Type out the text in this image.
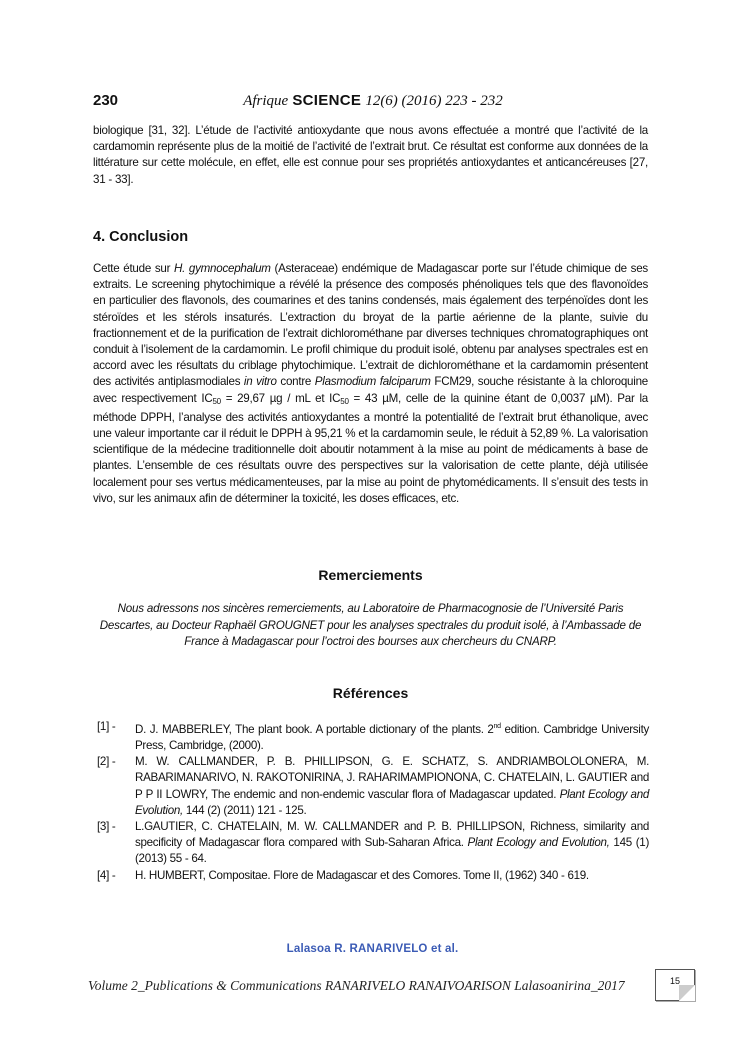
230	Afrique SCIENCE 12(6) (2016) 223 - 232

biologique [31, 32]. L’étude de l’activité antioxydante que nous avons effectuée a montré que l’activité de la cardamomin représente plus de la moitié de l’activité de l’extrait brut. Ce résultat est conforme aux données de la littérature sur cette molécule, en effet, elle est connue pour ses propriétés antioxydantes et anticancéreuses [27, 31 - 33].

4. Conclusion

Cette étude sur H. gymnocephalum (Asteraceae) endémique de Madagascar porte sur l’étude chimique de ses extraits. Le screening phytochimique a révélé la présence des composés phénoliques tels que des flavonoïdes en particulier des flavonols, des coumarines et des tanins condensés, mais également des terpénoïdes dont les stéroïdes et les stérols insaturés. L’extraction du broyat de la partie aérienne de la plante, suivie du fractionnement et de la purification de l’extrait dichlorométhane par diverses techniques chromatographiques ont conduit à l’isolement de la cardamomin. Le profil chimique du produit isolé, obtenu par analyses spectrales est en accord avec les résultats du criblage phytochimique. L’extrait de dichlorométhane et la cardamomin présentent des activités antiplasmodiales in vitro contre Plasmodium falciparum FCM29, souche résistante à la chloroquine avec respectivement $IC_{50} = 29,67$ µg / mL et $IC_{50} = 43$ µM, celle de la quinine étant de 0,0037 µM). Par la méthode DPPH, l’analyse des activités antioxydantes a montré la potentialité de l’extrait brut éthanolique, avec une valeur importante car il réduit le DPPH à 95,21 % et la cardamomin seule, le réduit à 52,89 %. La valorisation scientifique de la médecine traditionnelle doit aboutir notamment à la mise au point de médicaments à base de plantes. L’ensemble de ces résultats ouvre des perspectives sur la valorisation de cette plante, déjà utilisée localement pour ses vertus médicamenteuses, par la mise au point de phytomédicaments. Il s’ensuit des tests in vivo, sur les animaux afin de déterminer la toxicité, les doses efficaces, etc.

Remerciements

Nous adressons nos sincères remerciements, au Laboratoire de Pharmacognosie de l’Université Paris Descartes, au Docteur Raphaël GROUGNET pour les analyses spectrales du produit isolé, à l’Ambassade de France à Madagascar pour l’octroi des bourses aux chercheurs du CNARP.

Références
[1] -	D. J. MABBERLEY, The plant book. A portable dictionary of the plants. 2nd edition. Cambridge University Press, Cambridge, (2000).
[2] -	M. W. CALLMANDER, P. B. PHILLIPSON, G. E. SCHATZ, S. ANDRIAMBOLOLONERA, M. RABARIMANARIVO, N. RAKOTONIRINA, J. RAHARIMAMPIONONA, C. CHATELAIN, L. GAUTIER and P P II LOWRY, The endemic and non-endemic vascular flora of Madagascar updated. Plant Ecology and Evolution, 144 (2) (2011) 121 - 125.
[3] -	L.GAUTIER, C. CHATELAIN, M. W. CALLMANDER and P. B. PHILLIPSON, Richness, similarity and specificity of Madagascar flora compared with Sub-Saharan Africa. Plant Ecology and Evolution, 145 (1) (2013) 55 - 64.
[4] -	H. HUMBERT, Compositae. Flore de Madagascar et des Comores. Tome II, (1962) 340 - 619.
Lalasoa R. RANARIVELO et al.
Volume 2_Publications & Communications RANARIVELO RANAIVOARISON Lalasoanirina_2017	15
